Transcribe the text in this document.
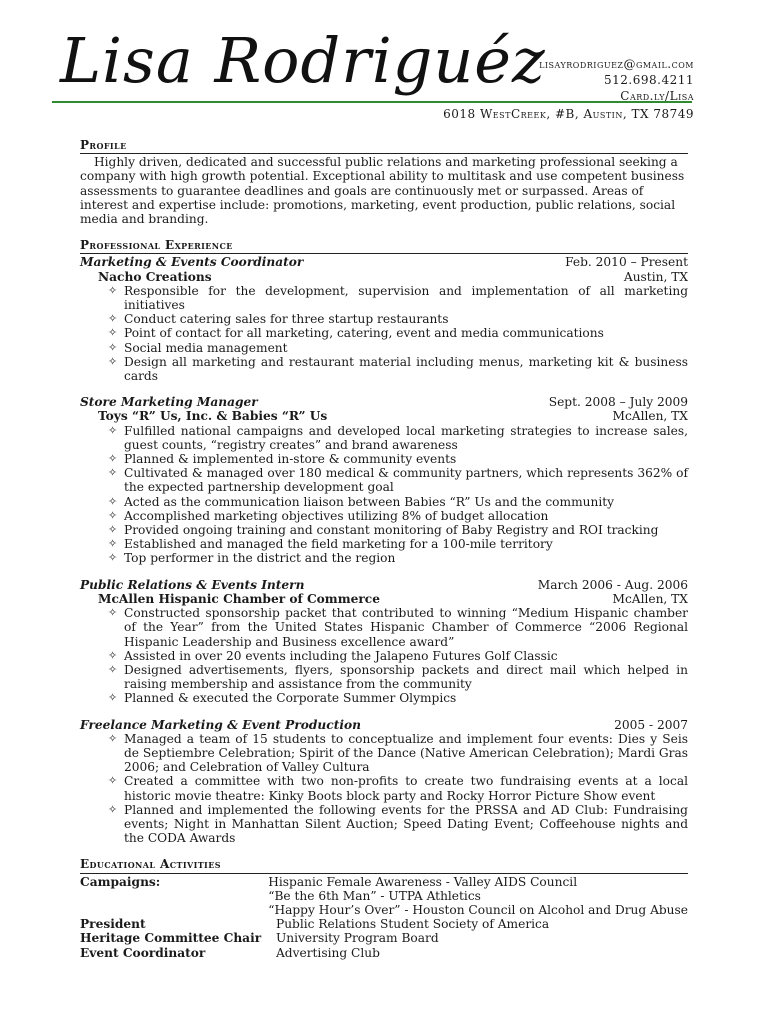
Lisa Rodriguéz
lisayrodriguez@gmail.com
512.698.4211
Card.ly/Lisa
6018 WestCreek, #B, Austin, TX 78749
Profile

Highly driven, dedicated and successful public relations and marketing professional seeking a company with high growth potential. Exceptional ability to multitask and use competent business assessments to guarantee deadlines and goals are continuously met or surpassed. Areas of interest and expertise include: promotions, marketing, event production, public relations, social media and branding.

Professional Experience
Marketing & Events Coordinator	Feb. 2010 – Present
Nacho Creations	Austin, TX
✧ Responsible for the development, supervision and implementation of all marketing initiatives
✧ Conduct catering sales for three startup restaurants
✧ Point of contact for all marketing, catering, event and media communications
✧ Social media management
✧ Design all marketing and restaurant material including menus, marketing kit & business cards
Store Marketing Manager	Sept. 2008 – July 2009
Toys “R” Us, Inc. & Babies “R” Us	McAllen, TX
✧ Fulfilled national campaigns and developed local marketing strategies to increase sales, guest counts, “registry creates” and brand awareness
✧ Planned & implemented in-store & community events
✧ Cultivated & managed over 180 medical & community partners, which represents 362% of the expected partnership development goal
✧ Acted as the communication liaison between Babies “R” Us and the community
✧ Accomplished marketing objectives utilizing 8% of budget allocation
✧ Provided ongoing training and constant monitoring of Baby Registry and ROI tracking
✧ Established and managed the field marketing for a 100-mile territory
✧ Top performer in the district and the region
Public Relations & Events Intern	March 2006 - Aug. 2006
McAllen Hispanic Chamber of Commerce	McAllen, TX
✧ Constructed sponsorship packet that contributed to winning “Medium Hispanic chamber of the Year” from the United States Hispanic Chamber of Commerce “2006 Regional Hispanic Leadership and Business excellence award”
✧ Assisted in over 20 events including the Jalapeno Futures Golf Classic
✧ Designed advertisements, flyers, sponsorship packets and direct mail which helped in raising membership and assistance from the community
✧ Planned & executed the Corporate Summer Olympics
Freelance Marketing & Event Production	2005 - 2007
✧ Managed a team of 15 students to conceptualize and implement four events: Dies y Seis de Septiembre Celebration; Spirit of the Dance (Native American Celebration); Mardi Gras 2006; and Celebration of Valley Cultura
✧ Created a committee with two non-profits to create two fundraising events at a local historic movie theatre: Kinky Boots block party and Rocky Horror Picture Show event
✧ Planned and implemented the following events for the PRSSA and AD Club: Fundraising events; Night in Manhattan Silent Auction; Speed Dating Event; Coffeehouse nights and the CODA Awards
Educational Activities
Campaigns:	Hispanic Female Awareness - Valley AIDS Council
“Be the 6th Man” - UTPA Athletics
“Happy Hour’s Over” - Houston Council on Alcohol and Drug Abuse
President	Public Relations Student Society of America
Heritage Committee Chair	University Program Board
Event Coordinator	Advertising Club
